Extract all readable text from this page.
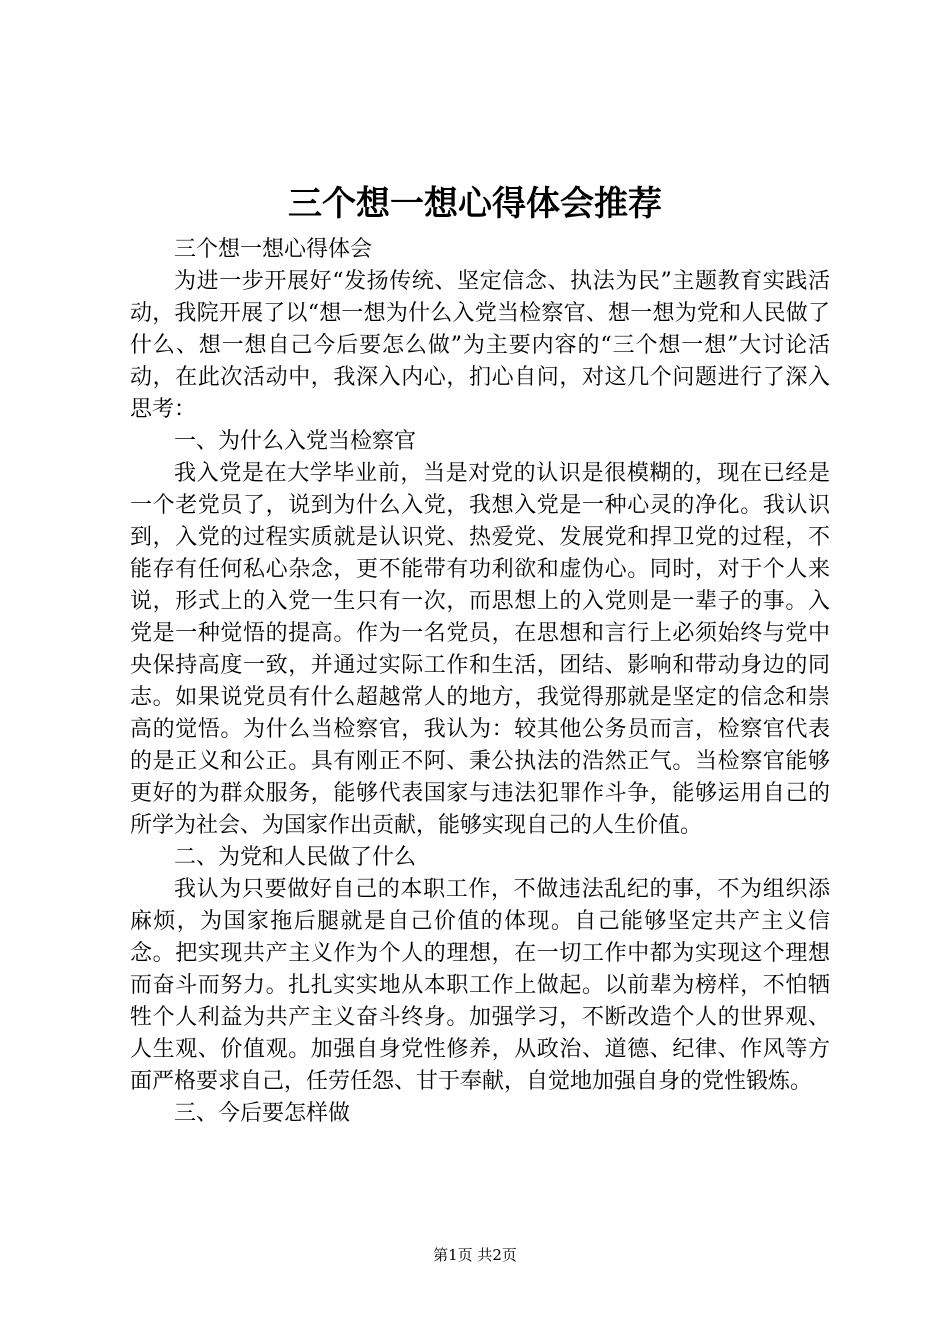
三个想一想心得体会推荐

三个想一想心得体会

为进一步开展好“发扬传统、坚定信念、执法为民”主题教育实践活动，我院开展了以“想一想为什么入党当检察官、想一想为党和人民做了什么、想一想自己今后要怎么做”为主要内容的“三个想一想”大讨论活动，在此次活动中，我深入内心，扪心自问，对这几个问题进行了深入思考：

一、为什么入党当检察官

我入党是在大学毕业前，当是对党的认识是很模糊的，现在已经是一个老党员了，说到为什么入党，我想入党是一种心灵的净化。我认识到，入党的过程实质就是认识党、热爱党、发展党和捍卫党的过程，不能存有任何私心杂念，更不能带有功利欲和虚伪心。同时，对于个人来说，形式上的入党一生只有一次，而思想上的入党则是一辈子的事。入党是一种觉悟的提高。作为一名党员，在思想和言行上必须始终与党中央保持高度一致，并通过实际工作和生活，团结、影响和带动身边的同志。如果说党员有什么超越常人的地方，我觉得那就是坚定的信念和崇高的觉悟。为什么当检察官，我认为：较其他公务员而言，检察官代表的是正义和公正。具有刚正不阿、秉公执法的浩然正气。当检察官能够更好的为群众服务，能够代表国家与违法犯罪作斗争，能够运用自己的所学为社会、为国家作出贡献，能够实现自己的人生价值。

二、为党和人民做了什么

我认为只要做好自己的本职工作，不做违法乱纪的事，不为组织添麻烦，为国家拖后腿就是自己价值的体现。自己能够坚定共产主义信念。把实现共产主义作为个人的理想，在一切工作中都为实现这个理想而奋斗而努力。扎扎实实地从本职工作上做起。以前辈为榜样，不怕牺牲个人利益为共产主义奋斗终身。加强学习，不断改造个人的世界观、人生观、价值观。加强自身党性修养，从政治、道德、纪律、作风等方面严格要求自己，任劳任怨、甘于奉献，自觉地加强自身的党性锻炼。

三、今后要怎样做

第1页 共2页
